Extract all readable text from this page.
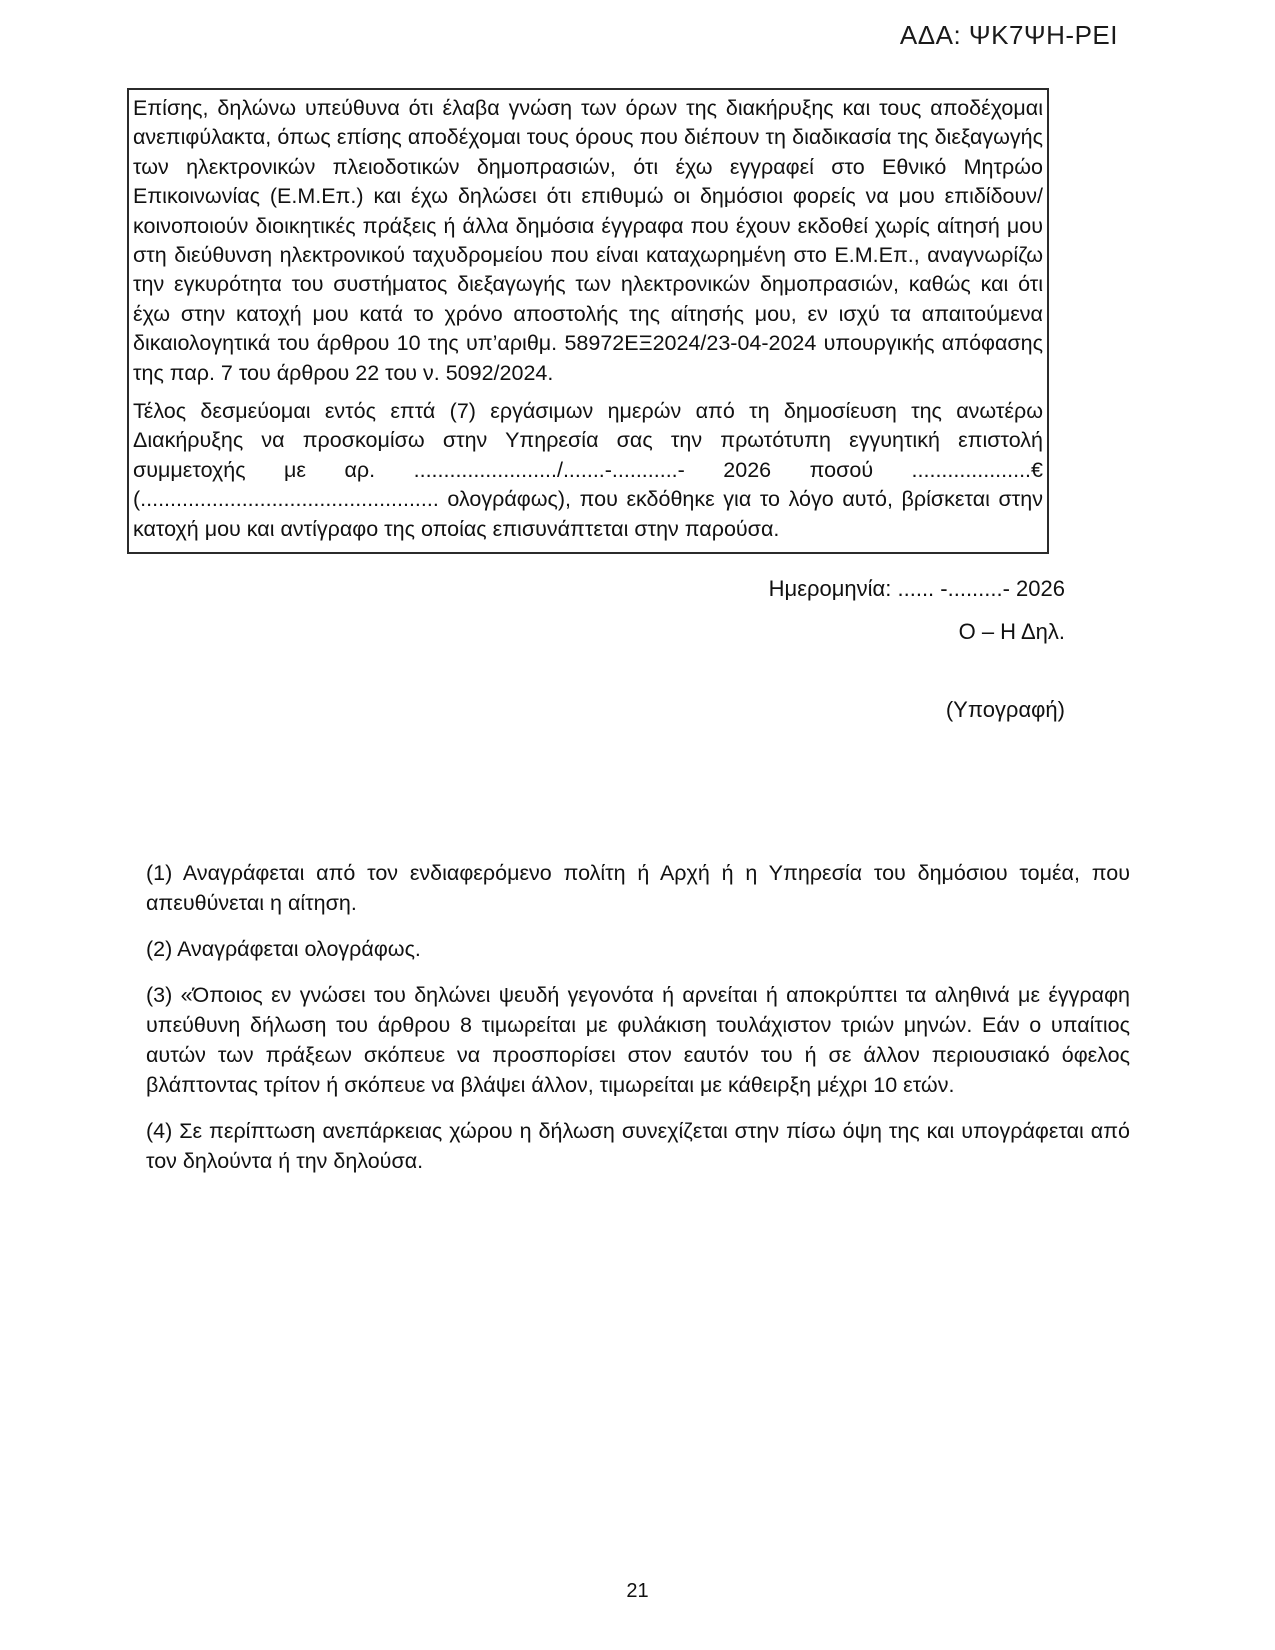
ΑΔΑ: ΨΚ7ΨΗ-ΡΕΙ

Επίσης, δηλώνω υπεύθυνα ότι έλαβα γνώση των όρων της διακήρυξης και τους αποδέχομαι ανεπιφύλακτα, όπως επίσης αποδέχομαι τους όρους που διέπουν τη διαδικασία της διεξαγωγής των ηλεκτρονικών πλειοδοτικών δημοπρασιών, ότι έχω εγγραφεί στο Εθνικό Μητρώο Επικοινωνίας (Ε.Μ.Επ.) και έχω δηλώσει ότι επιθυμώ οι δημόσιοι φορείς να μου επιδίδουν/κοινοποιούν διοικητικές πράξεις ή άλλα δημόσια έγγραφα που έχουν εκδοθεί χωρίς αίτησή μου στη διεύθυνση ηλεκτρονικού ταχυδρομείου που είναι καταχωρημένη στο Ε.Μ.Επ., αναγνωρίζω την εγκυρότητα του συστήματος διεξαγωγής των ηλεκτρονικών δημοπρασιών, καθώς και ότι έχω στην κατοχή μου κατά το χρόνο αποστολής της αίτησής μου, εν ισχύ τα απαιτούμενα δικαιολογητικά του άρθρου 10 της υπ’αριθμ. 58972ΕΞ2024/23-04-2024 υπουργικής απόφασης της παρ. 7 του άρθρου 22 του ν. 5092/2024.

Τέλος δεσμεύομαι εντός επτά (7) εργάσιμων ημερών από τη δημοσίευση της ανωτέρω Διακήρυξης να προσκομίσω στην Υπηρεσία σας την πρωτότυπη εγγυητική επιστολή συμμετοχής με αρ. ......................../.......-...........- 2026 ποσού ....................€ (.................................................. ολογράφως), που εκδόθηκε για το λόγο αυτό, βρίσκεται στην κατοχή μου και αντίγραφο της οποίας επισυνάπτεται στην παρούσα.

Ημερομηνία: ...... -.........- 2026
Ο – Η Δηλ.
(Υπογραφή)

(1) Αναγράφεται από τον ενδιαφερόμενο πολίτη ή Αρχή ή η Υπηρεσία του δημόσιου τομέα, που απευθύνεται η αίτηση.

(2) Αναγράφεται ολογράφως.

(3) «Όποιος εν γνώσει του δηλώνει ψευδή γεγονότα ή αρνείται ή αποκρύπτει τα αληθινά με έγγραφη υπεύθυνη δήλωση του άρθρου 8 τιμωρείται με φυλάκιση τουλάχιστον τριών μηνών. Εάν ο υπαίτιος αυτών των πράξεων σκόπευε να προσπορίσει στον εαυτόν του ή σε άλλον περιουσιακό όφελος βλάπτοντας τρίτον ή σκόπευε να βλάψει άλλον, τιμωρείται με κάθειρξη μέχρι 10 ετών.

(4) Σε περίπτωση ανεπάρκειας χώρου η δήλωση συνεχίζεται στην πίσω όψη της και υπογράφεται από τον δηλούντα ή την δηλούσα.

21
